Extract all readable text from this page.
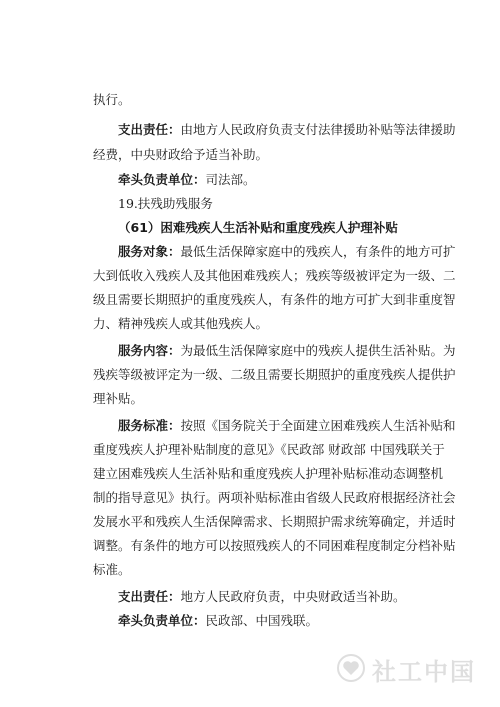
执行。
支出责任：由地方人民政府负责支付法律援助补贴等法律援助
经费，中央财政给予适当补助。
牵头负责单位：司法部。
19.扶残助残服务
（61）困难残疾人生活补贴和重度残疾人护理补贴
服务对象：最低生活保障家庭中的残疾人，有条件的地方可扩
大到低收入残疾人及其他困难残疾人；残疾等级被评定为一级、二
级且需要长期照护的重度残疾人，有条件的地方可扩大到非重度智
力、精神残疾人或其他残疾人。
服务内容：为最低生活保障家庭中的残疾人提供生活补贴。为
残疾等级被评定为一级、二级且需要长期照护的重度残疾人提供护
理补贴。
服务标准：按照《国务院关于全面建立困难残疾人生活补贴和
重度残疾人护理补贴制度的意见》《民政部 财政部 中国残联关于
建立困难残疾人生活补贴和重度残疾人护理补贴标准动态调整机
制的指导意见》执行。两项补贴标准由省级人民政府根据经济社会
发展水平和残疾人生活保障需求、长期照护需求统筹确定，并适时
调整。有条件的地方可以按照残疾人的不同困难程度制定分档补贴
标准。
支出责任：地方人民政府负责，中央财政适当补助。
牵头负责单位：民政部、中国残联。
社工中国
